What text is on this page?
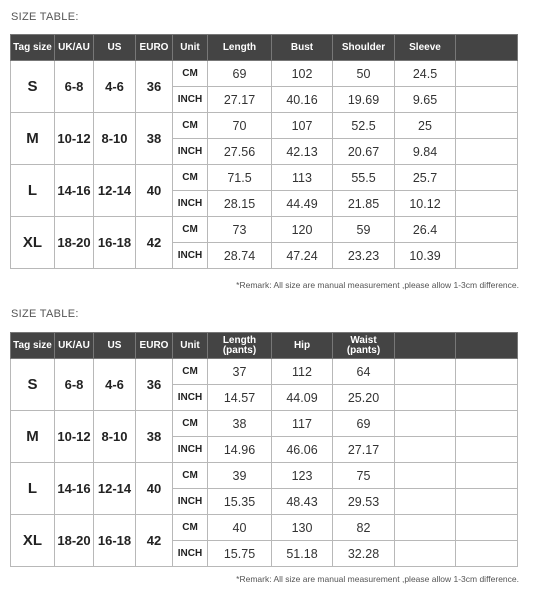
SIZE TABLE:
Tag size	UK/AU	US	EURO	Unit	Length	Bust	Shoulder	Sleeve	
S	6-8	4-6	36	CM	69	102	50	24.5	
				INCH	27.17	40.16	19.69	9.65	
M	10-12	8-10	38	CM	70	107	52.5	25	
				INCH	27.56	42.13	20.67	9.84	
L	14-16	12-14	40	CM	71.5	113	55.5	25.7	
				INCH	28.15	44.49	21.85	10.12	
XL	18-20	16-18	42	CM	73	120	59	26.4	
				INCH	28.74	47.24	23.23	10.39	

*Remark: All size are manual measurement ,please allow 1-3cm difference.

SIZE TABLE:
Tag size	UK/AU	US	EURO	Unit	Length (pants)	Hip	Waist (pants)		
S	6-8	4-6	36	CM	37	112	64		
				INCH	14.57	44.09	25.20		
M	10-12	8-10	38	CM	38	117	69		
				INCH	14.96	46.06	27.17		
L	14-16	12-14	40	CM	39	123	75		
				INCH	15.35	48.43	29.53		
XL	18-20	16-18	42	CM	40	130	82		
				INCH	15.75	51.18	32.28		

*Remark: All size are manual measurement ,please allow 1-3cm difference.
